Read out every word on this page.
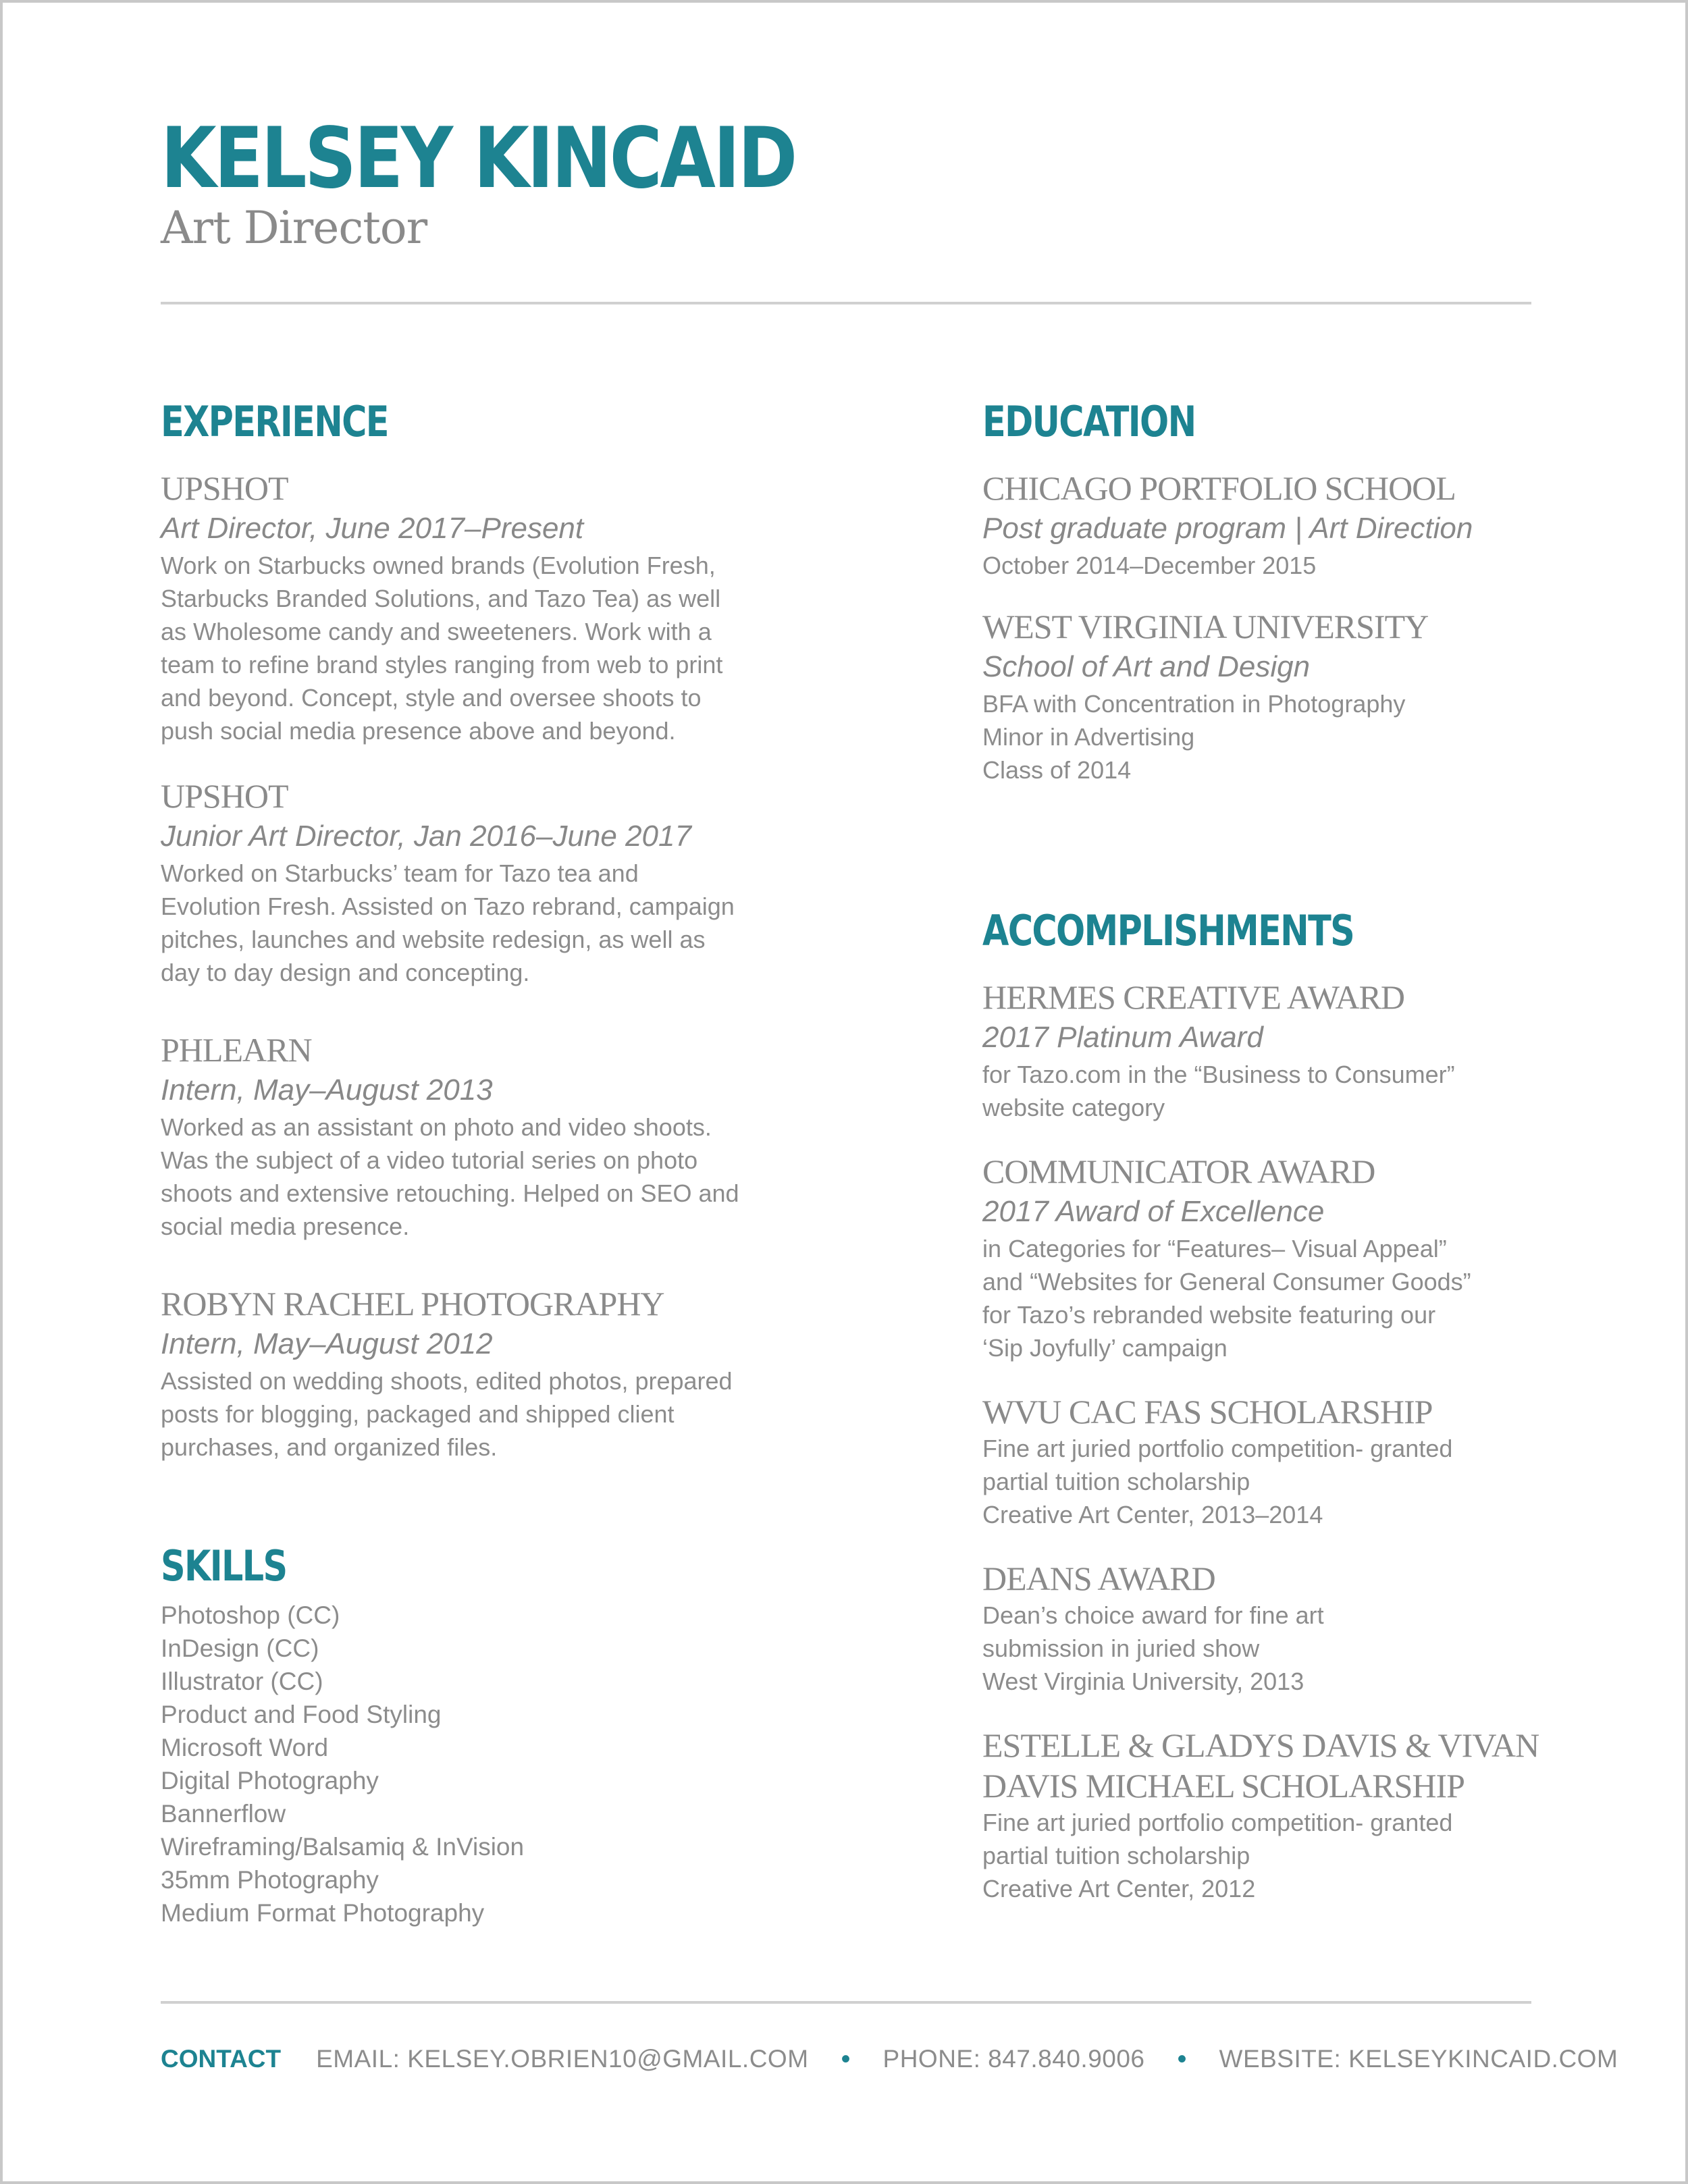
KELSEY KINCAID
Art Director
EXPERIENCE
UPSHOT
Art Director, June 2017–Present
Work on Starbucks owned brands (Evolution Fresh,
Starbucks Branded Solutions, and Tazo Tea) as well
as Wholesome candy and sweeteners. Work with a
team to refine brand styles ranging from web to print
and beyond. Concept, style and oversee shoots to
push social media presence above and beyond.
UPSHOT
Junior Art Director, Jan 2016–June 2017
Worked on Starbucks’ team for Tazo tea and
Evolution Fresh. Assisted on Tazo rebrand, campaign
pitches, launches and website redesign, as well as
day to day design and concepting.
PHLEARN
Intern, May–August 2013
Worked as an assistant on photo and video shoots.
Was the subject of a video tutorial series on photo
shoots and extensive retouching. Helped on SEO and
social media presence.
ROBYN RACHEL PHOTOGRAPHY
Intern, May–August 2012
Assisted on wedding shoots, edited photos, prepared
posts for blogging, packaged and shipped client
purchases, and organized files.
SKILLS
Photoshop (CC)
InDesign (CC)
Illustrator (CC)
Product and Food Styling
Microsoft Word
Digital Photography
Bannerflow
Wireframing/Balsamiq & InVision
35mm Photography
Medium Format Photography
EDUCATION
CHICAGO PORTFOLIO SCHOOL
Post graduate program | Art Direction
October 2014–December 2015
WEST VIRGINIA UNIVERSITY
School of Art and Design
BFA with Concentration in Photography
Minor in Advertising
Class of 2014
ACCOMPLISHMENTS
HERMES CREATIVE AWARD
2017 Platinum Award
for Tazo.com in the “Business to Consumer”
website category
COMMUNICATOR AWARD
2017 Award of Excellence
in Categories for “Features– Visual Appeal”
and “Websites for General Consumer Goods”
for Tazo’s rebranded website featuring our
‘Sip Joyfully’ campaign
WVU CAC FAS SCHOLARSHIP
Fine art juried portfolio competition- granted
partial tuition scholarship
Creative Art Center, 2013–2014
DEANS AWARD
Dean’s choice award for fine art
submission in juried show
West Virginia University, 2013
ESTELLE & GLADYS DAVIS & VIVAN
DAVIS MICHAEL SCHOLARSHIP
Fine art juried portfolio competition- granted
partial tuition scholarship
Creative Art Center, 2012
CONTACT EMAIL: KELSEY.OBRIEN10@GMAIL.COM • PHONE: 847.840.9006 • WEBSITE: KELSEYKINCAID.COM
